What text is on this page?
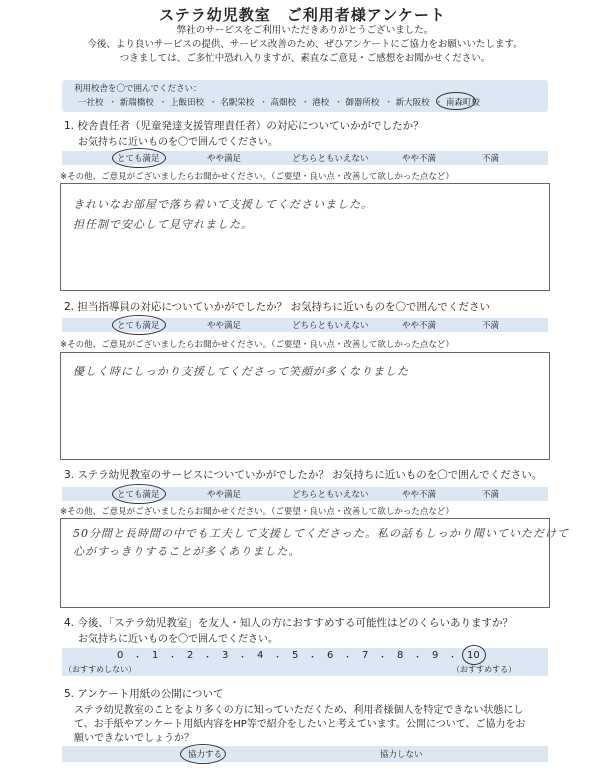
ステラ幼児教室　ご利用者様アンケート
弊社のサービスをご利用いただきありがとうございました。
今後、より良いサービスの提供、サービス改善のため、ぜひアンケートにご協力をお願いいたします。
つきましては、ご多忙中恐れ入りますが、素直なご意見・ご感想をお聞かせください。
利用校舎を〇で囲んでください：
一社校 ・ 新瑞橋校 ・ 上飯田校 ・ 名駅栄校 ・ 高畑校 ・ 港校 ・ 御器所校 ・ 新大阪校 ・ 南森町校
1. 校舎責任者（児童発達支援管理責任者）の対応についていかがでしたか？
お気持ちに近いものを〇で囲んでください。
とても満足	やや満足	どちらともいえない	やや不満	不満
※その他、ご意見がございましたらお聞かせください。（ご要望・良い点・改善して欲しかった点など）
きれいなお部屋で落ち着いて支援してくださいました。
担任制で安心して見守れました。
2. 担当指導員の対応についていかがでしたか？ お気持ちに近いものを〇で囲んでください
とても満足	やや満足	どちらともいえない	やや不満	不満
※その他、ご意見がございましたらお聞かせください。（ご要望・良い点・改善して欲しかった点など）
優しく時にしっかり支援してくださって笑顔が多くなりました
3. ステラ幼児教室のサービスについていかがでしたか？ お気持ちに近いものを〇で囲んでください。
とても満足	やや満足	どちらともいえない	やや不満	不満
※その他、ご意見がございましたらお聞かせください。（ご要望・良い点・改善して欲しかった点など）
50分間と長時間の中でも工夫して支援してくださった。私の話もしっかり聞いていただけて
心がすっきりすることが多くありました。
4. 今後、「ステラ幼児教室」を友人・知人の方におすすめする可能性はどのくらいありますか？
お気持ちに近いものを〇で囲んでください。
0	1	2	3	4	5	6	7	8	9	10
・	・	・	・	・	・	・	・	・	・
（おすすめしない）	（おすすめする）
5. アンケート用紙の公開について
ステラ幼児教室のことをより多くの方に知っていただくため、利用者様個人を特定できない状態にし
て、お手紙やアンケート用紙内容をHP等で紹介をしたいと考えています。公開について、ご協力をお
願いできないでしょうか？
協力する	協力しない
